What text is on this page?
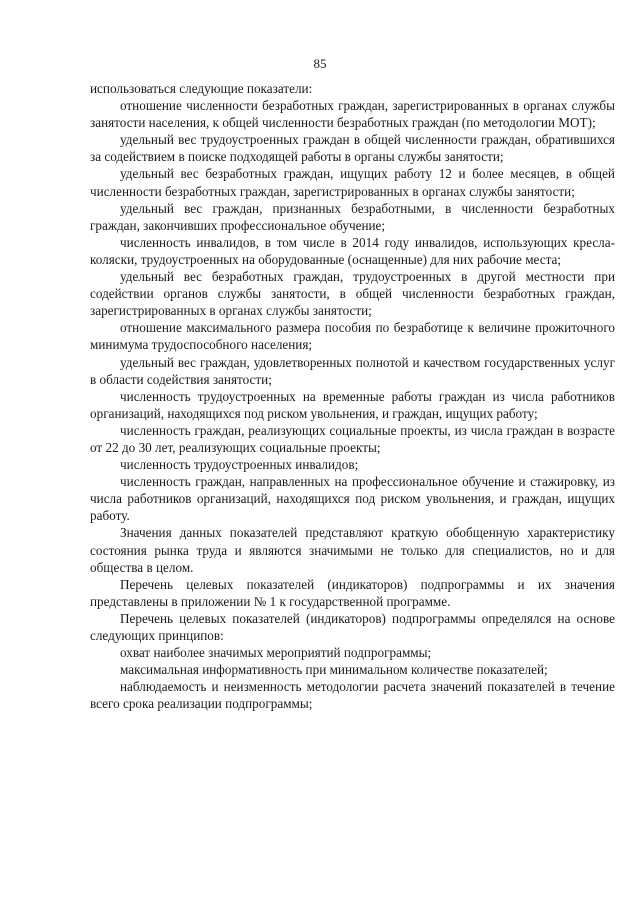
85

использоваться следующие показатели:

отношение численности безработных граждан, зарегистрированных в органах службы занятости населения, к общей численности безработных граждан (по методологии МОТ);

удельный вес трудоустроенных граждан в общей численности граждан, обратившихся за содействием в поиске подходящей работы в органы службы занятости;

удельный вес безработных граждан, ищущих работу 12 и более месяцев, в общей численности безработных граждан, зарегистрированных в органах службы занятости;

удельный вес граждан, признанных безработными, в численности безработных граждан, закончивших профессиональное обучение;

численность инвалидов, в том числе в 2014 году инвалидов, использующих кресла-коляски, трудоустроенных на оборудованные (оснащенные) для них рабочие места;

удельный вес безработных граждан, трудоустроенных в другой местности при содействии органов службы занятости, в общей численности безработных граждан, зарегистрированных в органах службы занятости;

отношение максимального размера пособия по безработице к величине прожиточного минимума трудоспособного населения;

удельный вес граждан, удовлетворенных полнотой и качеством государственных услуг в области содействия занятости;

численность трудоустроенных на временные работы граждан из числа работников организаций, находящихся под риском увольнения, и граждан, ищущих работу;

численность граждан, реализующих социальные проекты, из числа граждан в возрасте от 22 до 30 лет, реализующих социальные проекты;

численность трудоустроенных инвалидов;

численность граждан, направленных на профессиональное обучение и стажировку, из числа работников организаций, находящихся под риском увольнения, и граждан, ищущих работу.

Значения данных показателей представляют краткую обобщенную характеристику состояния рынка труда и являются значимыми не только для специалистов, но и для общества в целом.

Перечень целевых показателей (индикаторов) подпрограммы и их значения представлены в приложении № 1 к государственной программе.

Перечень целевых показателей (индикаторов) подпрограммы определялся на основе следующих принципов:

охват наиболее значимых мероприятий подпрограммы;

максимальная информативность при минимальном количестве показателей;

наблюдаемость и неизменность методологии расчета значений показателей в течение всего срока реализации подпрограммы;
